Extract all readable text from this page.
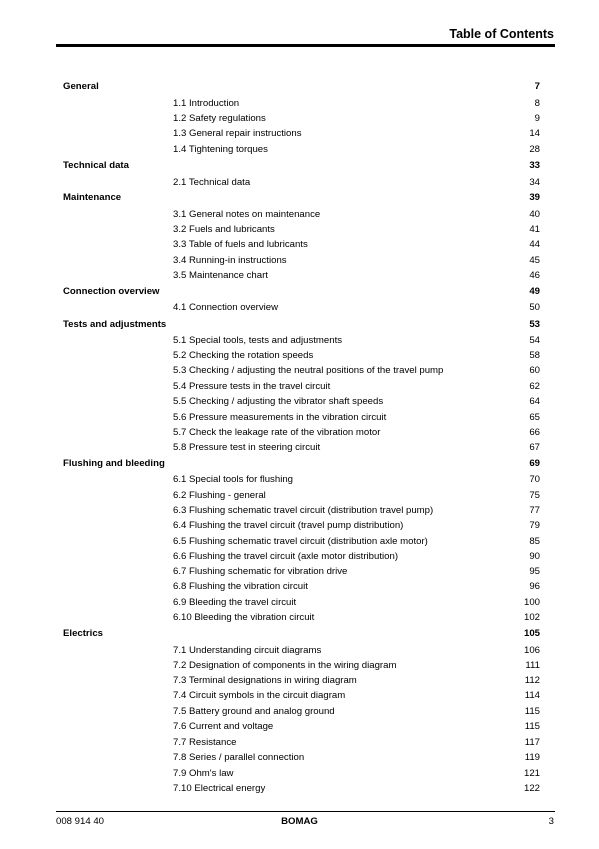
Table of Contents
General	7
1.1 Introduction	8
1.2 Safety regulations	9
1.3 General repair instructions	14
1.4 Tightening torques	28
Technical data	33
2.1 Technical data	34
Maintenance	39
3.1 General notes on maintenance	40
3.2 Fuels and lubricants	41
3.3 Table of fuels and lubricants	44
3.4 Running-in instructions	45
3.5 Maintenance chart	46
Connection overview	49
4.1 Connection overview	50
Tests and adjustments	53
5.1 Special tools, tests and adjustments	54
5.2 Checking the rotation speeds	58
5.3 Checking / adjusting the neutral positions of the travel pump	60
5.4 Pressure tests in the travel circuit	62
5.5 Checking / adjusting the vibrator shaft speeds	64
5.6 Pressure measurements in the vibration circuit	65
5.7 Check the leakage rate of the vibration motor	66
5.8 Pressure test in steering circuit	67
Flushing and bleeding	69
6.1 Special tools for flushing	70
6.2 Flushing - general	75
6.3 Flushing schematic travel circuit (distribution travel pump)	77
6.4 Flushing the travel circuit (travel pump distribution)	79
6.5 Flushing schematic travel circuit (distribution axle motor)	85
6.6 Flushing the travel circuit (axle motor distribution)	90
6.7 Flushing schematic for vibration drive	95
6.8 Flushing the vibration circuit	96
6.9 Bleeding the travel circuit	100
6.10 Bleeding the vibration circuit	102
Electrics	105
7.1 Understanding circuit diagrams	106
7.2 Designation of components in the wiring diagram	111
7.3 Terminal designations in wiring diagram	112
7.4 Circuit symbols in the circuit diagram	114
7.5 Battery ground and analog ground	115
7.6 Current and voltage	115
7.7 Resistance	117
7.8 Series / parallel connection	119
7.9 Ohm's law	121
7.10 Electrical energy	122
008 914 40	BOMAG	3
